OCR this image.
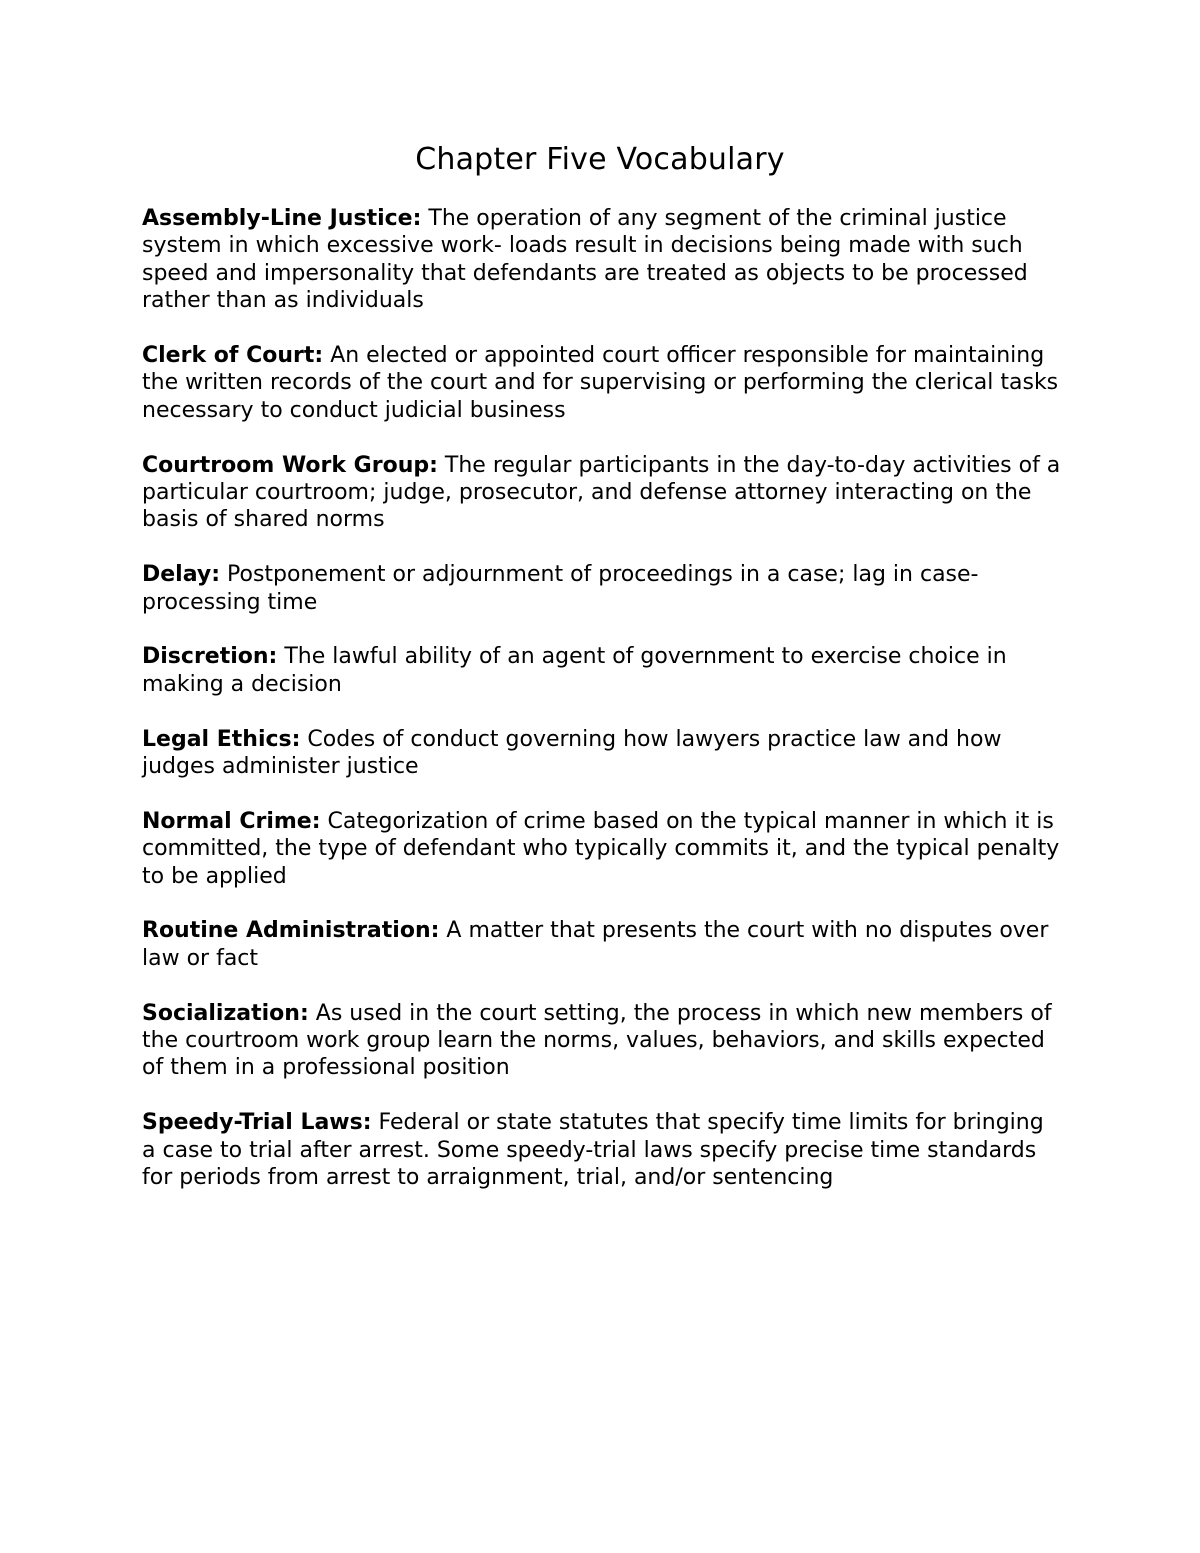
Chapter Five Vocabulary

Assembly-Line Justice: The operation of any segment of the criminal justice system in which excessive work- loads result in decisions being made with such speed and impersonality that defendants are treated as objects to be processed rather than as individuals

Clerk of Court: An elected or appointed court officer responsible for maintaining the written records of the court and for supervising or performing the clerical tasks necessary to conduct judicial business

Courtroom Work Group: The regular participants in the day-to-day activities of a particular courtroom; judge, prosecutor, and defense attorney interacting on the basis of shared norms

Delay: Postponement or adjournment of proceedings in a case; lag in case-processing time

Discretion: The lawful ability of an agent of government to exercise choice in making a decision

Legal Ethics: Codes of conduct governing how lawyers practice law and how judges administer justice

Normal Crime: Categorization of crime based on the typical manner in which it is committed, the type of defendant who typically commits it, and the typical penalty to be applied

Routine Administration: A matter that presents the court with no disputes over law or fact

Socialization: As used in the court setting, the process in which new members of the courtroom work group learn the norms, values, behaviors, and skills expected of them in a professional position

Speedy-Trial Laws: Federal or state statutes that specify time limits for bringing a case to trial after arrest. Some speedy-trial laws specify precise time standards for periods from arrest to arraignment, trial, and/or sentencing
